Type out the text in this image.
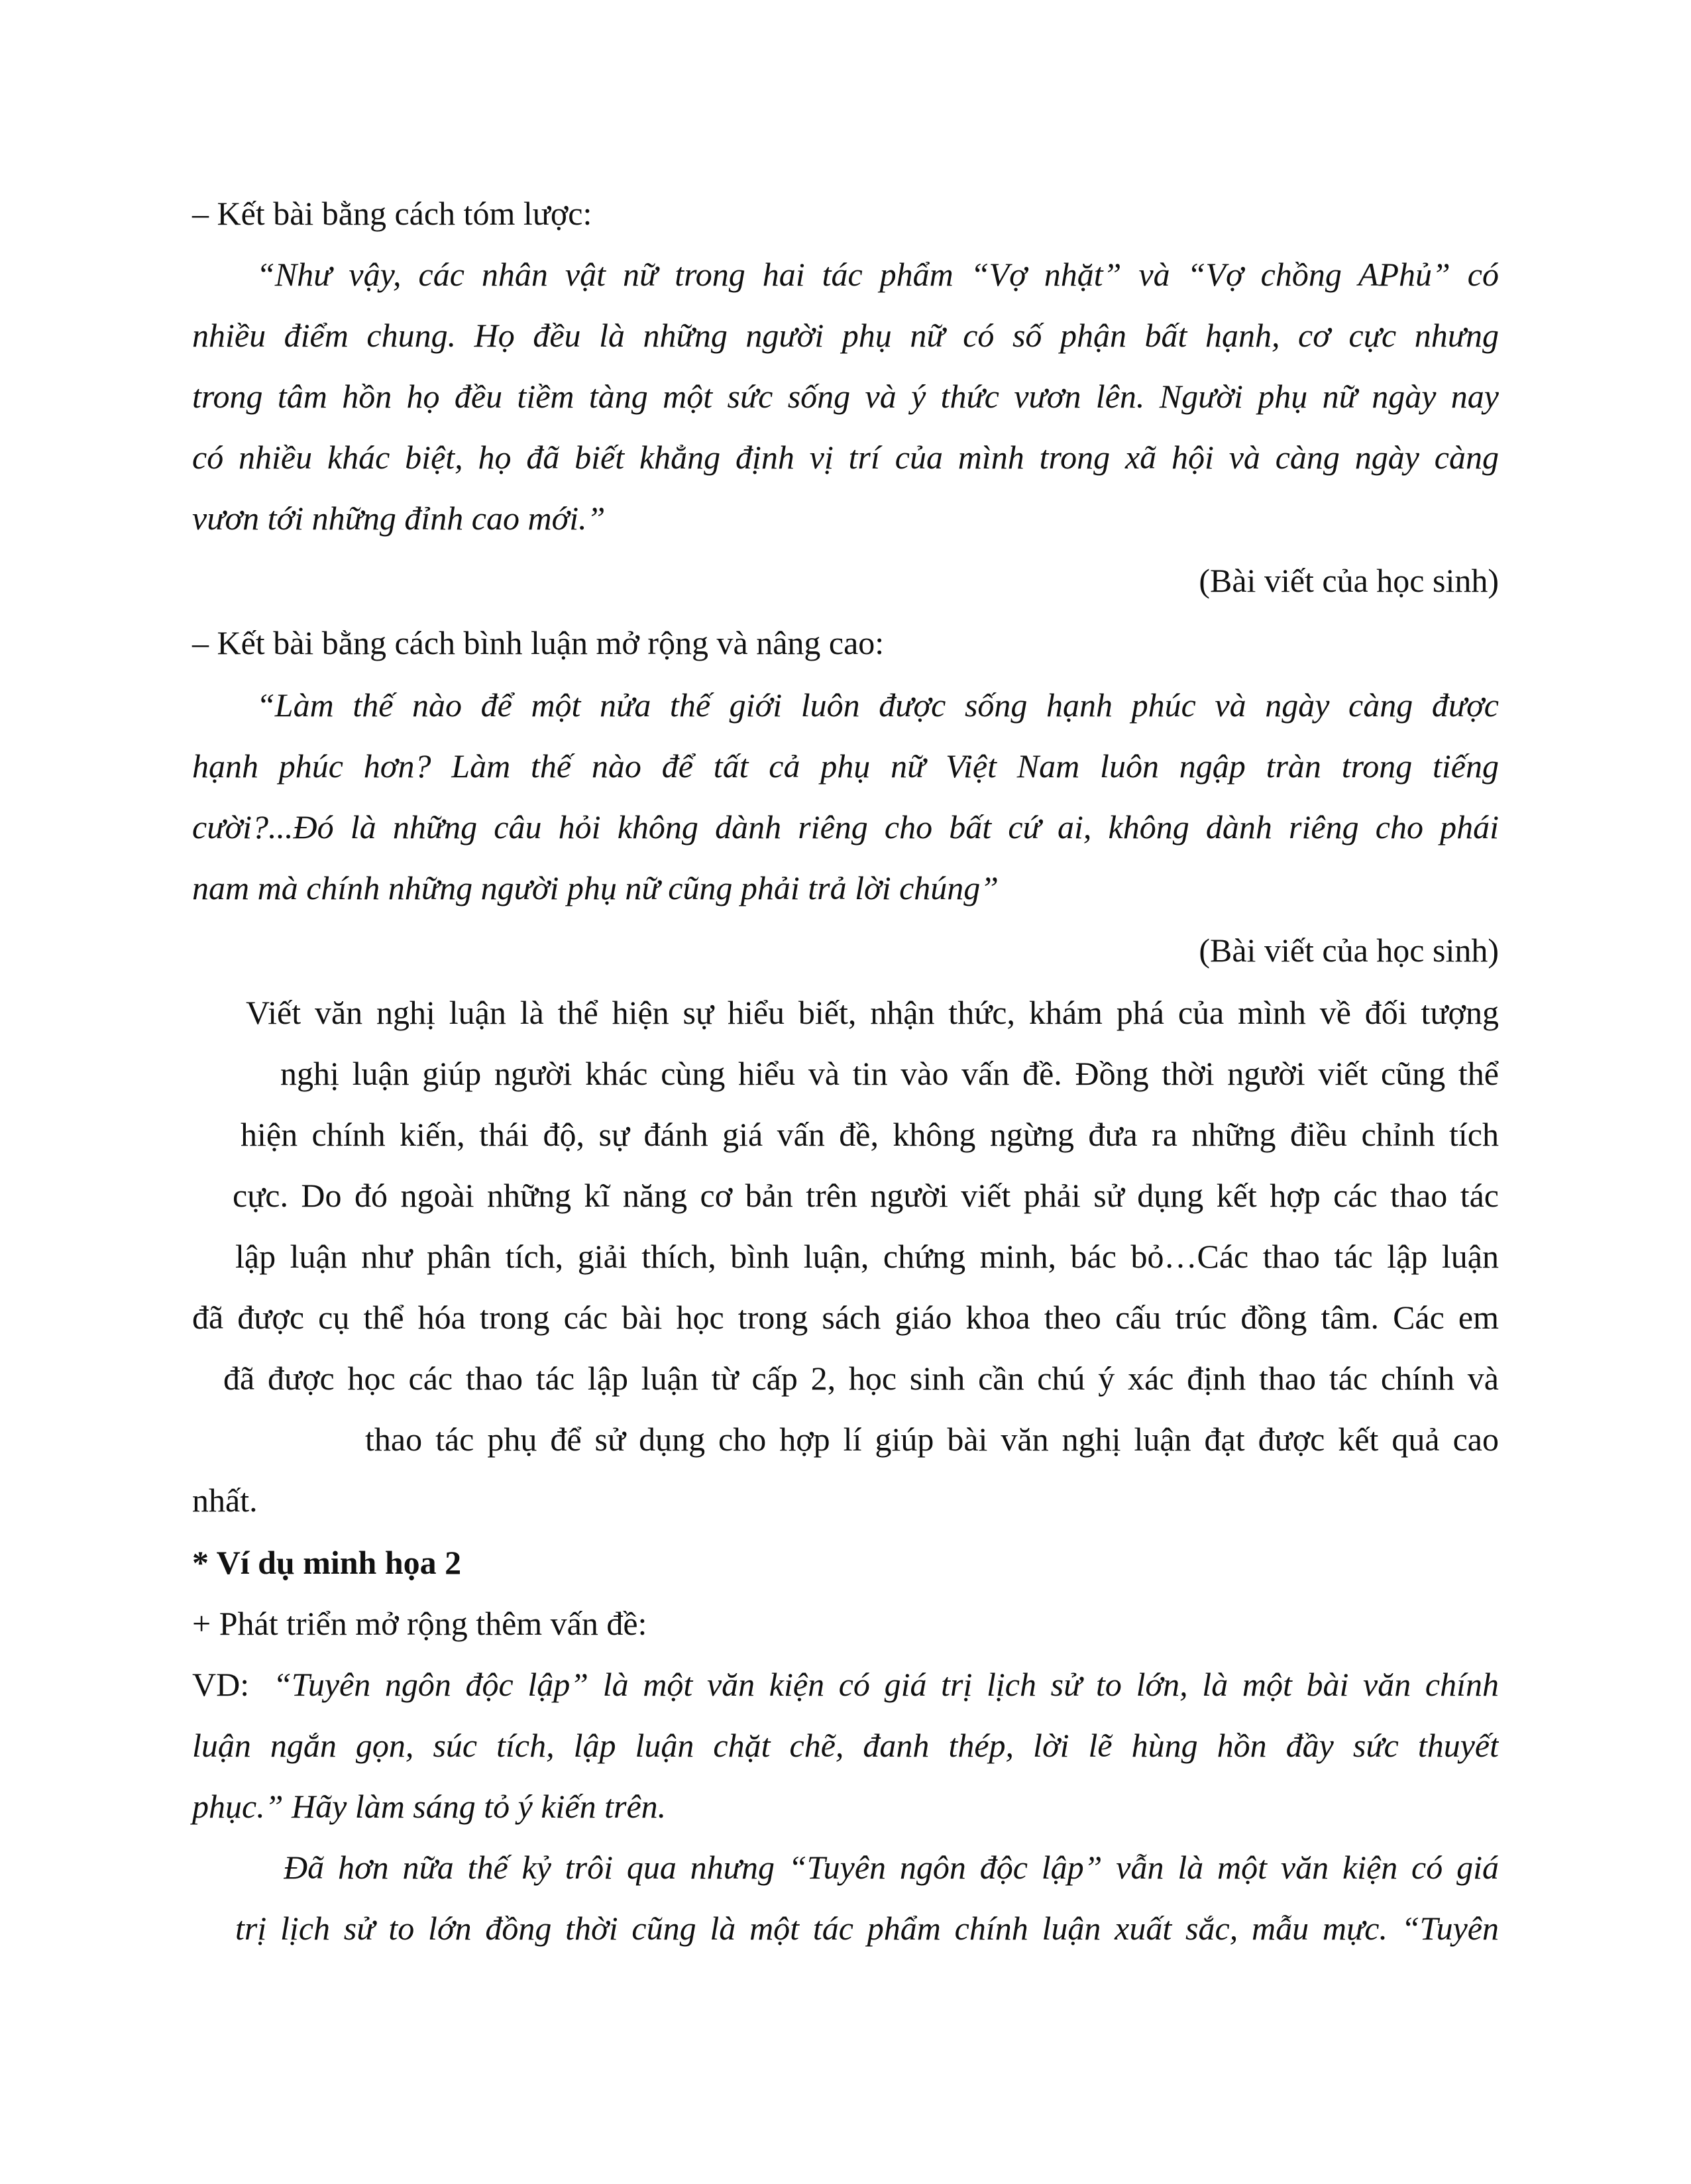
– Kết bài bằng cách tóm lược:
“Như vậy, các nhân vật nữ trong hai tác phẩm “Vợ nhặt” và “Vợ chồng APhủ” có
nhiều điểm chung. Họ đều là những người phụ nữ có số phận bất hạnh, cơ cực nhưng
trong tâm hồn họ đều tiềm tàng một sức sống và ý thức vươn lên. Người phụ nữ ngày nay
có nhiều khác biệt, họ đã biết khẳng định vị trí của mình trong xã hội và càng ngày càng
vươn tới những đỉnh cao mới.”
(Bài viết của học sinh)
– Kết bài bằng cách bình luận mở rộng và nâng cao:
“Làm thế nào để một nửa thế giới luôn được sống hạnh phúc và ngày càng được
hạnh phúc hơn? Làm thế nào để tất cả phụ nữ Việt Nam luôn ngập tràn trong tiếng
cười?...Đó là những câu hỏi không dành riêng cho bất cứ ai, không dành riêng cho phái
nam mà chính những người phụ nữ cũng phải trả lời chúng”
(Bài viết của học sinh)
Viết văn nghị luận là thể hiện sự hiểu biết, nhận thức, khám phá của mình về đối tượng
nghị luận giúp người khác cùng hiểu và tin vào vấn đề. Đồng thời người viết cũng thể
hiện chính kiến, thái độ, sự đánh giá vấn đề, không ngừng đưa ra những điều chỉnh tích
cực. Do đó ngoài những kĩ năng cơ bản trên người viết phải sử dụng kết hợp các thao tác
lập luận như phân tích, giải thích, bình luận, chứng minh, bác bỏ…Các thao tác lập luận
đã được cụ thể hóa trong các bài học trong sách giáo khoa theo cấu trúc đồng tâm. Các em
đã được học các thao tác lập luận từ cấp 2, học sinh cần chú ý xác định thao tác chính và
thao tác phụ để sử dụng cho hợp lí giúp bài văn nghị luận đạt được kết quả cao
nhất.
* Ví dụ minh họa 2
+ Phát triển mở rộng thêm vấn đề:
VD: “Tuyên ngôn độc lập” là một văn kiện có giá trị lịch sử to lớn, là một bài văn chính
luận ngắn gọn, súc tích, lập luận chặt chẽ, đanh thép, lời lẽ hùng hồn đầy sức thuyết
phục.” Hãy làm sáng tỏ ý kiến trên.
Đã hơn nữa thế kỷ trôi qua nhưng “Tuyên ngôn độc lập” vẫn là một văn kiện có giá
trị lịch sử to lớn đồng thời cũng là một tác phẩm chính luận xuất sắc, mẫu mực. “Tuyên
